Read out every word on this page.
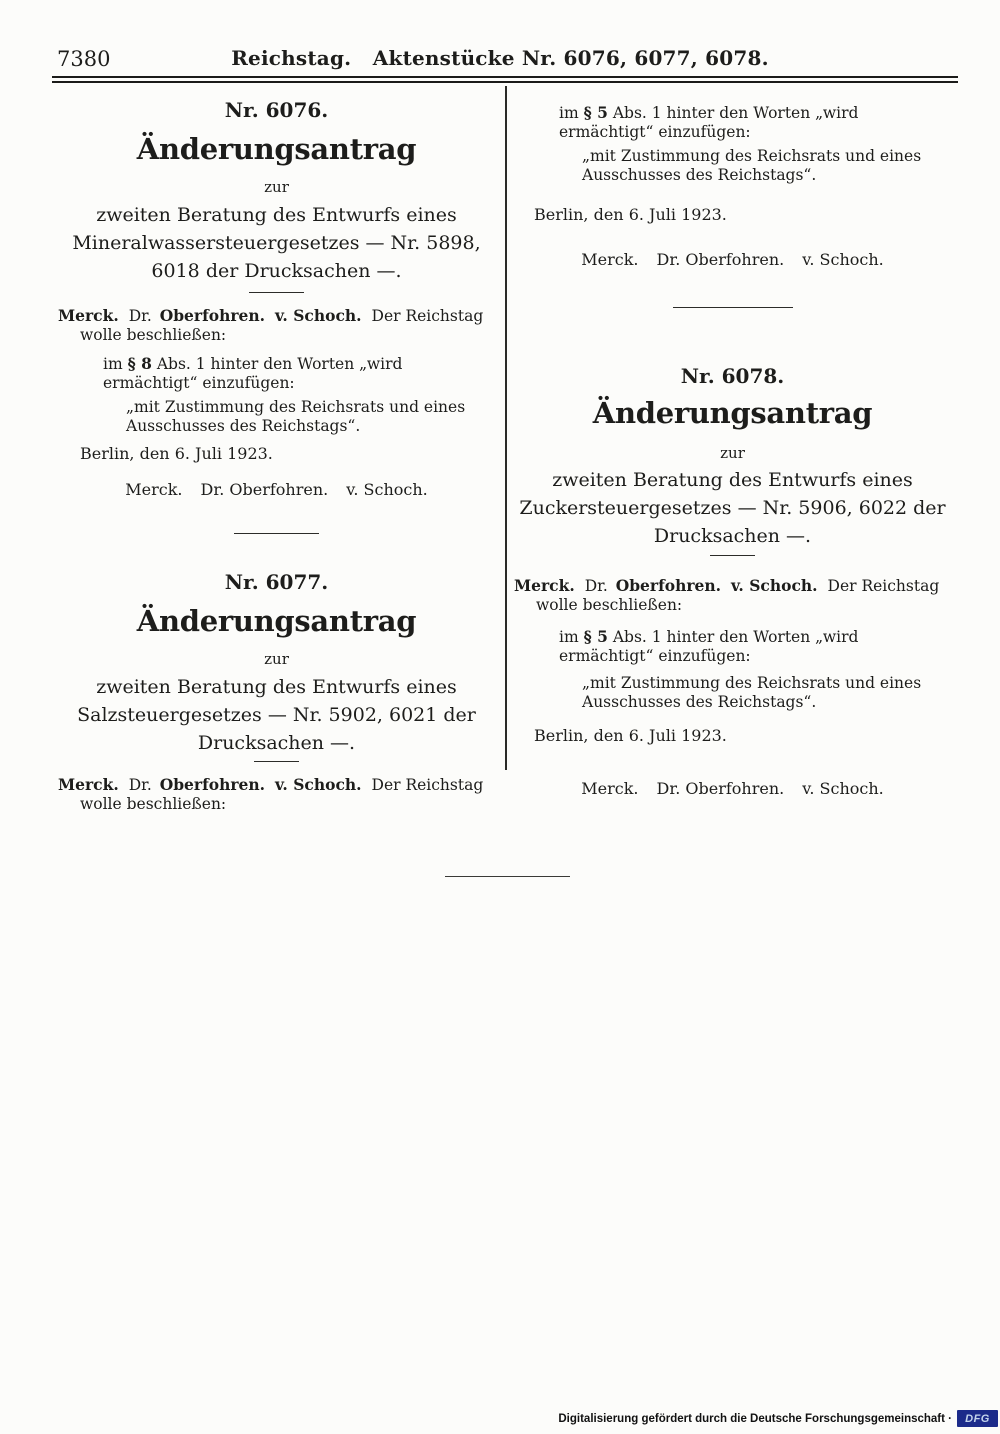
7380	Reichstag.   Aktenstücke Nr. 6076, 6077, 6078.
Nr. 6076.
Änderungsantrag
zur

zweiten Beratung des Entwurfs eines Mineralwassersteuergesetzes — Nr. 5898, 6018 der Drucksachen —.

Merck. Dr. Oberfohren. v. Schoch. Der Reichstag wolle beschließen:

im § 8 Abs. 1 hinter den Worten „wird ermächtigt“ einzufügen:

„mit Zustimmung des Reichsrats und eines Ausschusses des Reichstags“.

Berlin, den 6. Juli 1923.

Merck. Dr. Oberfohren. v. Schoch.

Nr. 6077.
Änderungsantrag
zur

zweiten Beratung des Entwurfs eines Salzsteuergesetzes — Nr. 5902, 6021 der Drucksachen —.

Merck. Dr. Oberfohren. v. Schoch. Der Reichstag wolle beschließen:

im § 5 Abs. 1 hinter den Worten „wird ermächtigt“ einzufügen:

„mit Zustimmung des Reichsrats und eines Ausschusses des Reichstags“.

Berlin, den 6. Juli 1923.

Merck. Dr. Oberfohren. v. Schoch.

Nr. 6078.
Änderungsantrag
zur

zweiten Beratung des Entwurfs eines Zuckersteuergesetzes — Nr. 5906, 6022 der Drucksachen —.

Merck. Dr. Oberfohren. v. Schoch. Der Reichstag wolle beschließen:

im § 5 Abs. 1 hinter den Worten „wird ermächtigt“ einzufügen:

„mit Zustimmung des Reichsrats und eines Ausschusses des Reichstags“.

Berlin, den 6. Juli 1923.

Merck. Dr. Oberfohren. v. Schoch.

Digitalisierung gefördert durch die Deutsche Forschungsgemeinschaft ·	DFG
